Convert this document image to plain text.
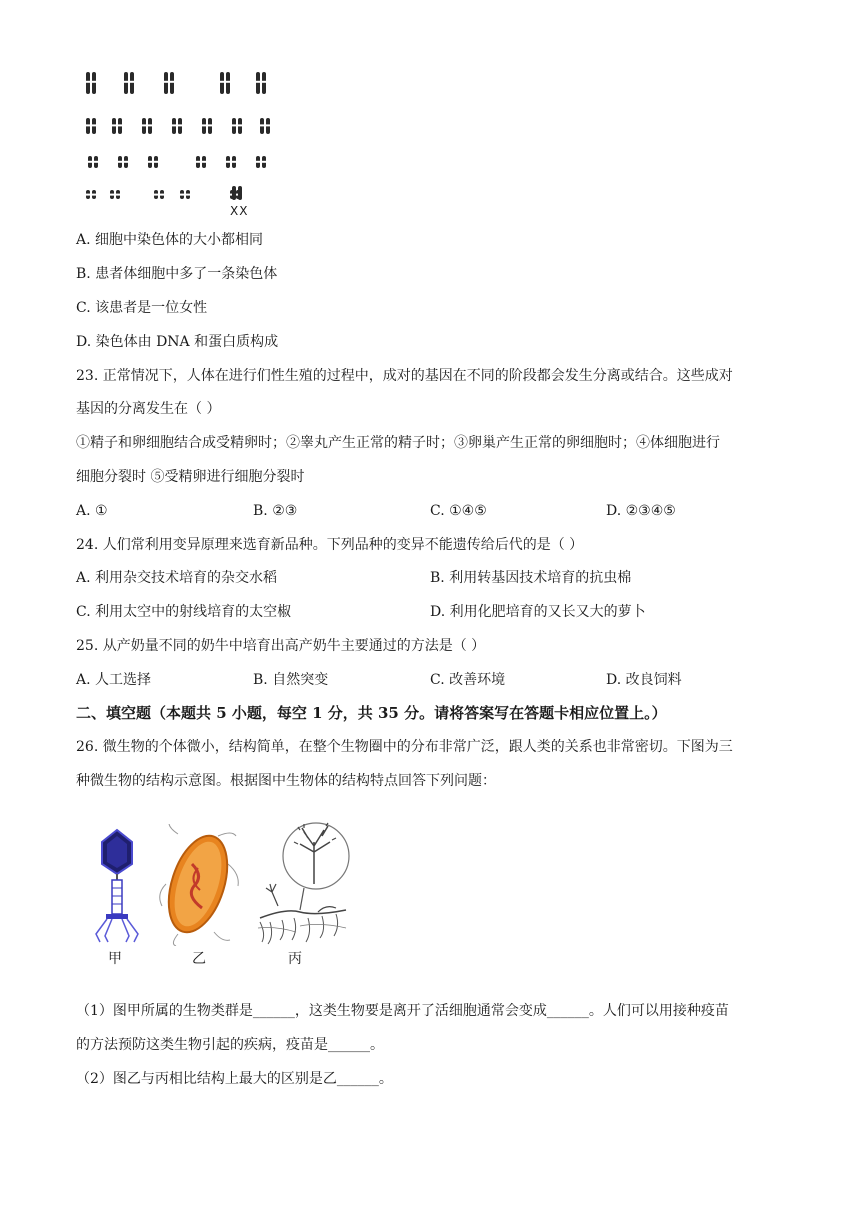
XX
A. 细胞中染色体的大小都相同
B. 患者体细胞中多了一条染色体
C. 该患者是一位女性
D. 染色体由 DNA 和蛋白质构成
23. 正常情况下，人体在进行们性生殖的过程中，成对的基因在不同的阶段都会发生分离或结合。这些成对
基因的分离发生在（ ）
①精子和卵细胞结合成受精卵时；②睾丸产生正常的精子时；③卵巢产生正常的卵细胞时；④体细胞进行
细胞分裂时 ⑤受精卵进行细胞分裂时
A. ①	B. ②③	C. ①④⑤	D. ②③④⑤
24. 人们常利用变异原理来选育新品种。下列品种的变异不能遗传给后代的是（ ）
A. 利用杂交技术培育的杂交水稻	B. 利用转基因技术培育的抗虫棉
C. 利用太空中的射线培育的太空椒	D. 利用化肥培育的又长又大的萝卜
25. 从产奶量不同的奶牛中培育出高产奶牛主要通过的方法是（ ）
A. 人工选择	B. 自然突变	C. 改善环境	D. 改良饲料
二、填空题（本题共 5 小题，每空 1 分，共 35 分。请将答案写在答题卡相应位置上。）
26. 微生物的个体微小，结构简单，在整个生物圈中的分布非常广泛，跟人类的关系也非常密切。下图为三
种微生物的结构示意图。根据图中生物体的结构特点回答下列问题：
甲	乙	丙
（1）图甲所属的生物类群是______，这类生物要是离开了活细胞通常会变成______。人们可以用接种疫苗
的方法预防这类生物引起的疾病，疫苗是______。
（2）图乙与丙相比结构上最大的区别是乙______。
